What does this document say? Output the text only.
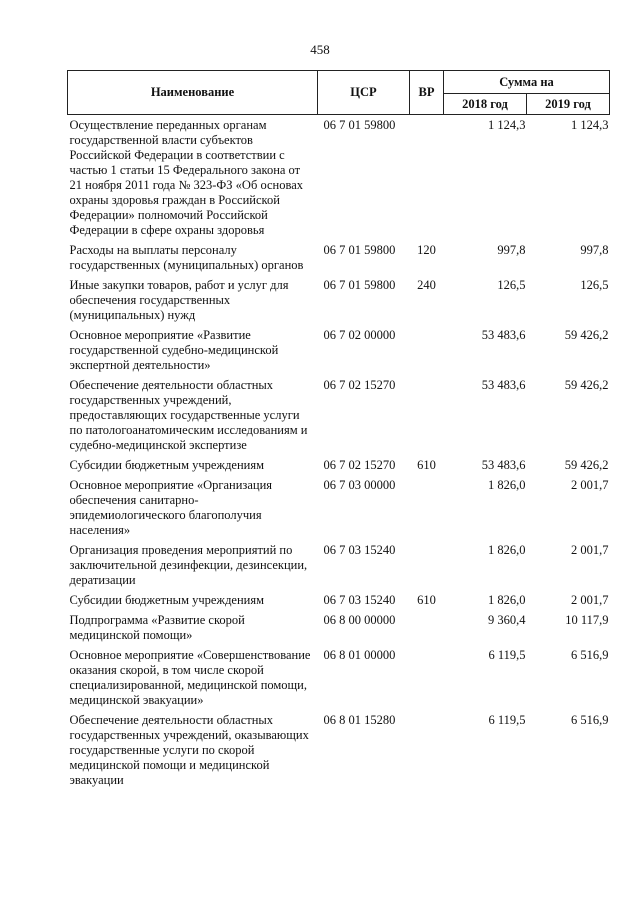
458
Наименование	ЦСР	ВР	Сумма на	
			2018 год	2019 год
Осуществление переданных органам государственной власти субъектов Российской Федерации в соответствии с частью 1 статьи 15 Федерального закона от 21 ноября 2011 года № 323-ФЗ «Об основах охраны здоровья граждан в Российской Федерации» полномочий Российской Федерации в сфере охраны здоровья	06 7 01 59800		1 124,3	1 124,3
Расходы на выплаты персоналу государственных (муниципальных) органов	06 7 01 59800	120	997,8	997,8
Иные закупки товаров, работ и услуг для обеспечения государственных (муниципальных) нужд	06 7 01 59800	240	126,5	126,5
Основное мероприятие «Развитие государственной судебно-медицинской экспертной деятельности»	06 7 02 00000		53 483,6	59 426,2
Обеспечение деятельности областных государственных учреждений, предоставляющих государственные услуги по патологоанатомическим исследованиям и судебно-медицинской экспертизе	06 7 02 15270		53 483,6	59 426,2
Субсидии бюджетным учреждениям	06 7 02 15270	610	53 483,6	59 426,2
Основное мероприятие «Организация обеспечения санитарно-эпидемиологического благополучия населения»	06 7 03 00000		1 826,0	2 001,7
Организация проведения мероприятий по заключительной дезинфекции, дезинсекции, дератизации	06 7 03 15240		1 826,0	2 001,7
Субсидии бюджетным учреждениям	06 7 03 15240	610	1 826,0	2 001,7
Подпрограмма «Развитие скорой медицинской помощи»	06 8 00 00000		9 360,4	10 117,9
Основное мероприятие «Совершенствование оказания скорой, в том числе скорой специализированной, медицинской помощи, медицинской эвакуации»	06 8 01 00000		6 119,5	6 516,9
Обеспечение деятельности областных государственных учреждений, оказывающих государственные услуги по скорой медицинской помощи и медицинской эвакуации	06 8 01 15280		6 119,5	6 516,9
